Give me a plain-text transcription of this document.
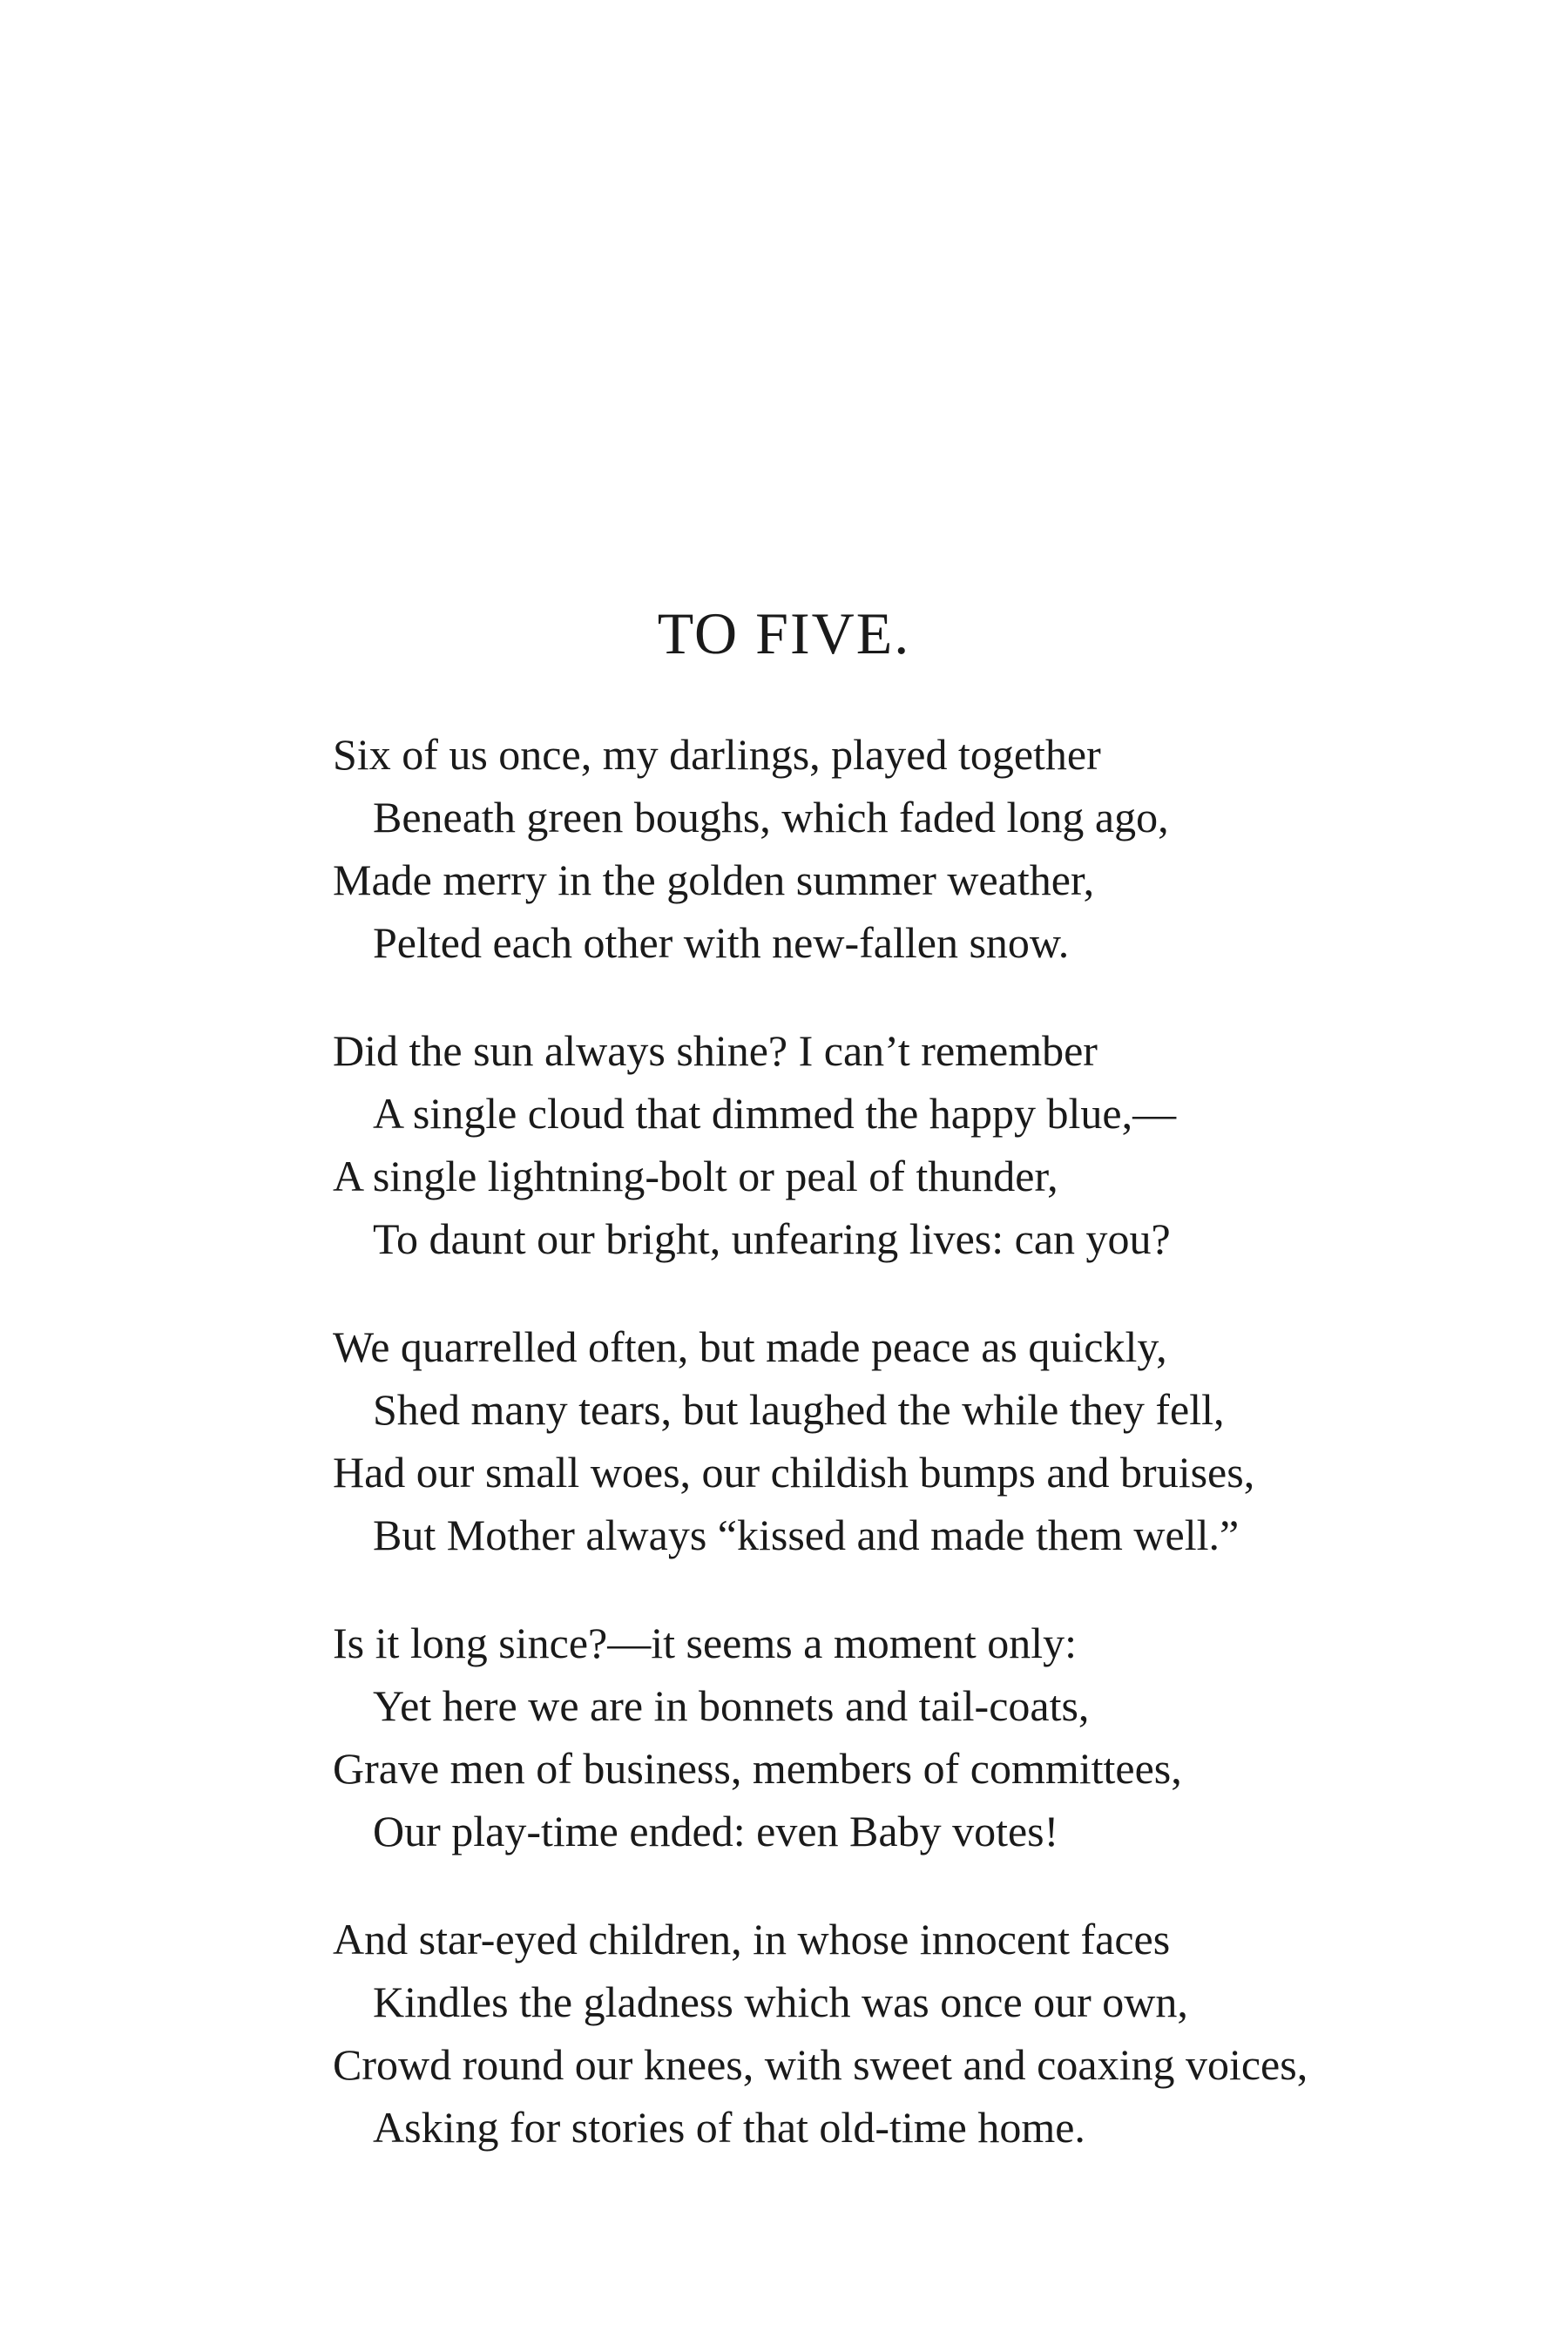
TO FIVE.
Six of us once, my darlings, played together
Beneath green boughs, which faded long ago,
Made merry in the golden summer weather,
Pelted each other with new-fallen snow.
Did the sun always shine? I can’t remember
A single cloud that dimmed the happy blue,—
A single lightning-bolt or peal of thunder,
To daunt our bright, unfearing lives: can you?
We quarrelled often, but made peace as quickly,
Shed many tears, but laughed the while they fell,
Had our small woes, our childish bumps and bruises,
But Mother always “kissed and made them well.”
Is it long since?—it seems a moment only:
Yet here we are in bonnets and tail-coats,
Grave men of business, members of committees,
Our play-time ended: even Baby votes!
And star-eyed children, in whose innocent faces
Kindles the gladness which was once our own,
Crowd round our knees, with sweet and coaxing voices,
Asking for stories of that old-time home.
